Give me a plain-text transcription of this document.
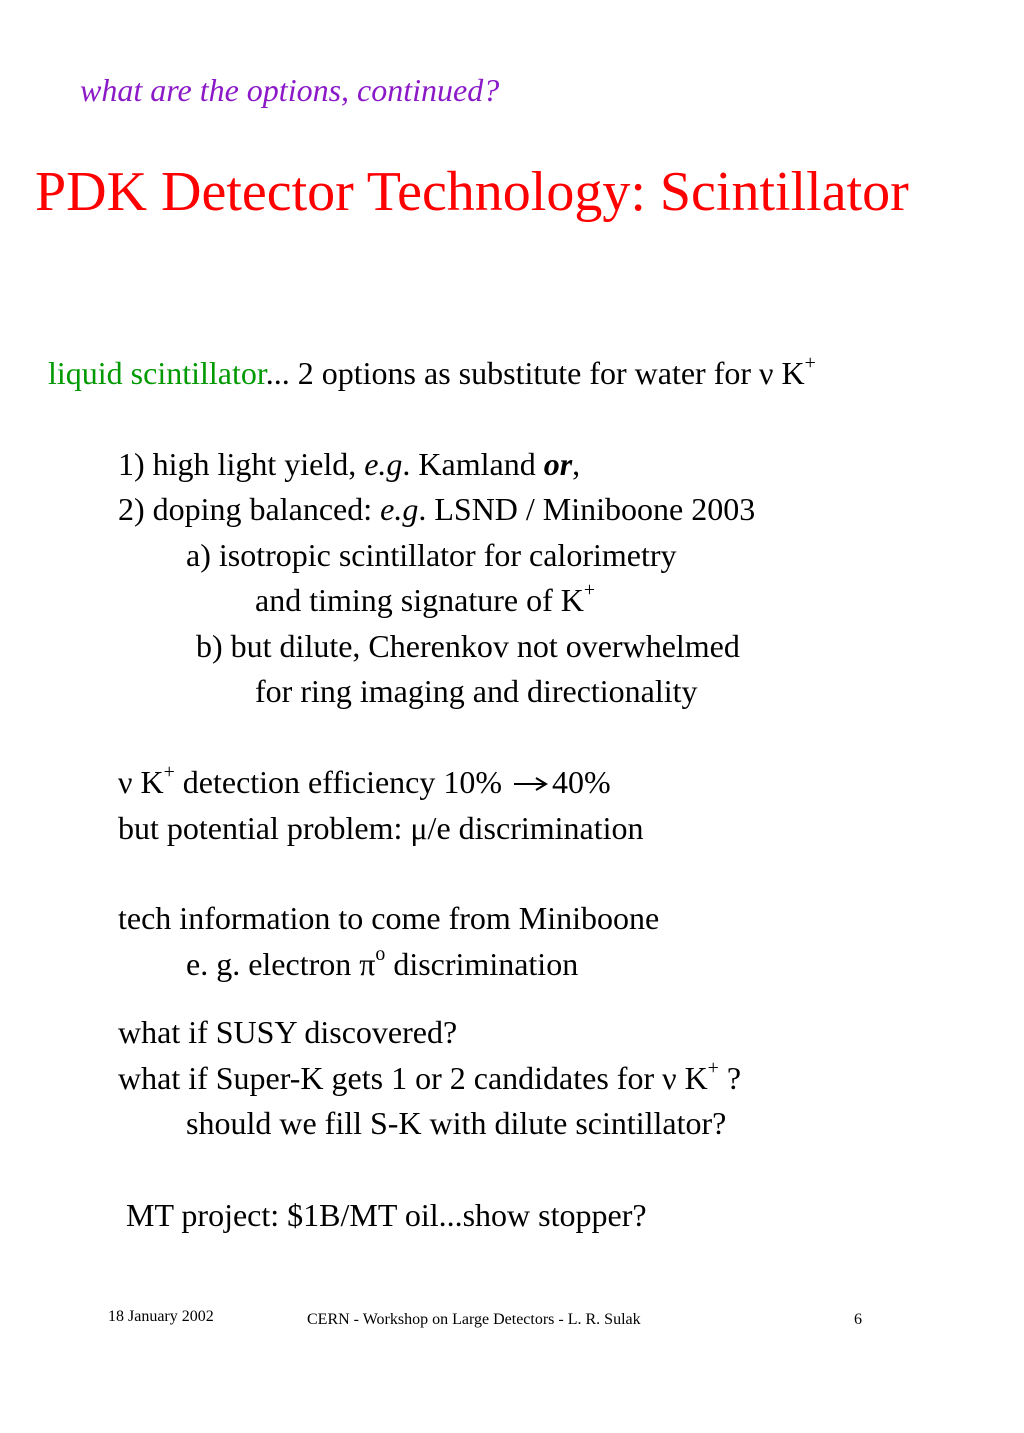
what are the options, continued?
PDK Detector Technology: Scintillator
liquid scintillator... 2 options as substitute for water for ν K+
1) high light yield, e.g. Kamland or,
2) doping balanced: e.g. LSND / Miniboone 2003
a) isotropic scintillator for calorimetry
and timing signature of K+
b) but dilute, Cherenkov not overwhelmed
for ring imaging and directionality
ν K+ detection efficiency 10% 40%
but potential problem: μ/e discrimination
tech information to come from Miniboone
e. g. electron $\pi^o$ discrimination
what if SUSY discovered?
what if Super-K gets 1 or 2 candidates for ν K+ ?
should we fill S-K with dilute scintillator?
MT project: $1B/MT oil...show stopper?
18 January 2002	CERN - Workshop on Large Detectors - L. R. Sulak	6
